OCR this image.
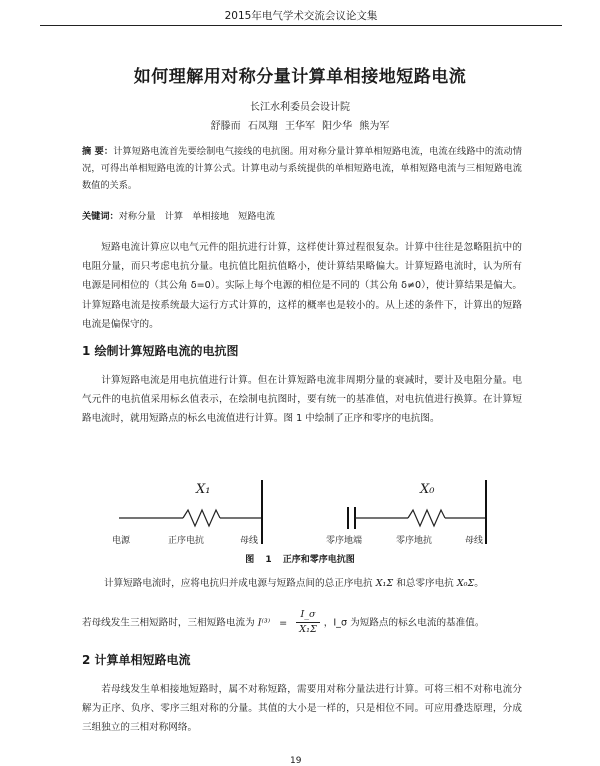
2015年电气学术交流会议论文集
如何理解用对称分量计算单相接地短路电流
长江水利委员会设计院
舒滕而 石凤翔 王华军 阳少华 熊为军
摘 要：计算短路电流首先要绘制电气接线的电抗图。用对称分量计算单相短路电流，电流在线路中的流动情况，可得出单相短路电流的计算公式。计算电动与系统提供的单相短路电流，单相短路电流与三相短路电流数值的关系。
关键词：对称分量　计算　单相接地　短路电流
短路电流计算应以电气元件的阻抗进行计算，这样使计算过程很复杂。计算中往往是忽略阻抗中的电阻分量，而只考虑电抗分量。电抗值比阻抗值略小，使计算结果略偏大。计算短路电流时，认为所有电源是同相位的（其公角 δ=0）。实际上每个电源的相位是不同的（其公角 δ≠0），使计算结果是偏大。计算短路电流是按系统最大运行方式计算的，这样的概率也是较小的。从上述的条件下，计算出的短路电流是偏保守的。
1 绘制计算短路电流的电抗图
计算短路电流是用电抗值进行计算。但在计算短路电流非周期分量的衰减时，要计及电阻分量。电气元件的电抗值采用标幺值表示，在绘制电抗图时，要有统一的基准值，对电抗值进行换算。在计算短路电流时，就用短路点的标幺电流值进行计算。图 1 中绘制了正序和零序的电抗图。
X₁	X₀
电源	正序电抗	母线	零序地端	零序地抗	母线
图 1 正序和零序电抗图
计算短路电流时，应将电抗归并成电源与短路点间的总正序电抗 X₁Σ 和总零序电抗 X₀Σ。
若母线发生三相短路时，三相短路电流为 $I^{(3)} = \frac{I\_\sigma}{\text{X₁Σ}}$ ，I_σ 为短路点的标幺电流的基准值。
2 计算单相短路电流
若母线发生单相接地短路时，属不对称短路，需要用对称分量法进行计算。可将三相不对称电流分解为正序、负序、零序三组对称的分量。其值的大小是一样的，只是相位不同。可应用叠迭原理，分成三组独立的三相对称网络。
19
